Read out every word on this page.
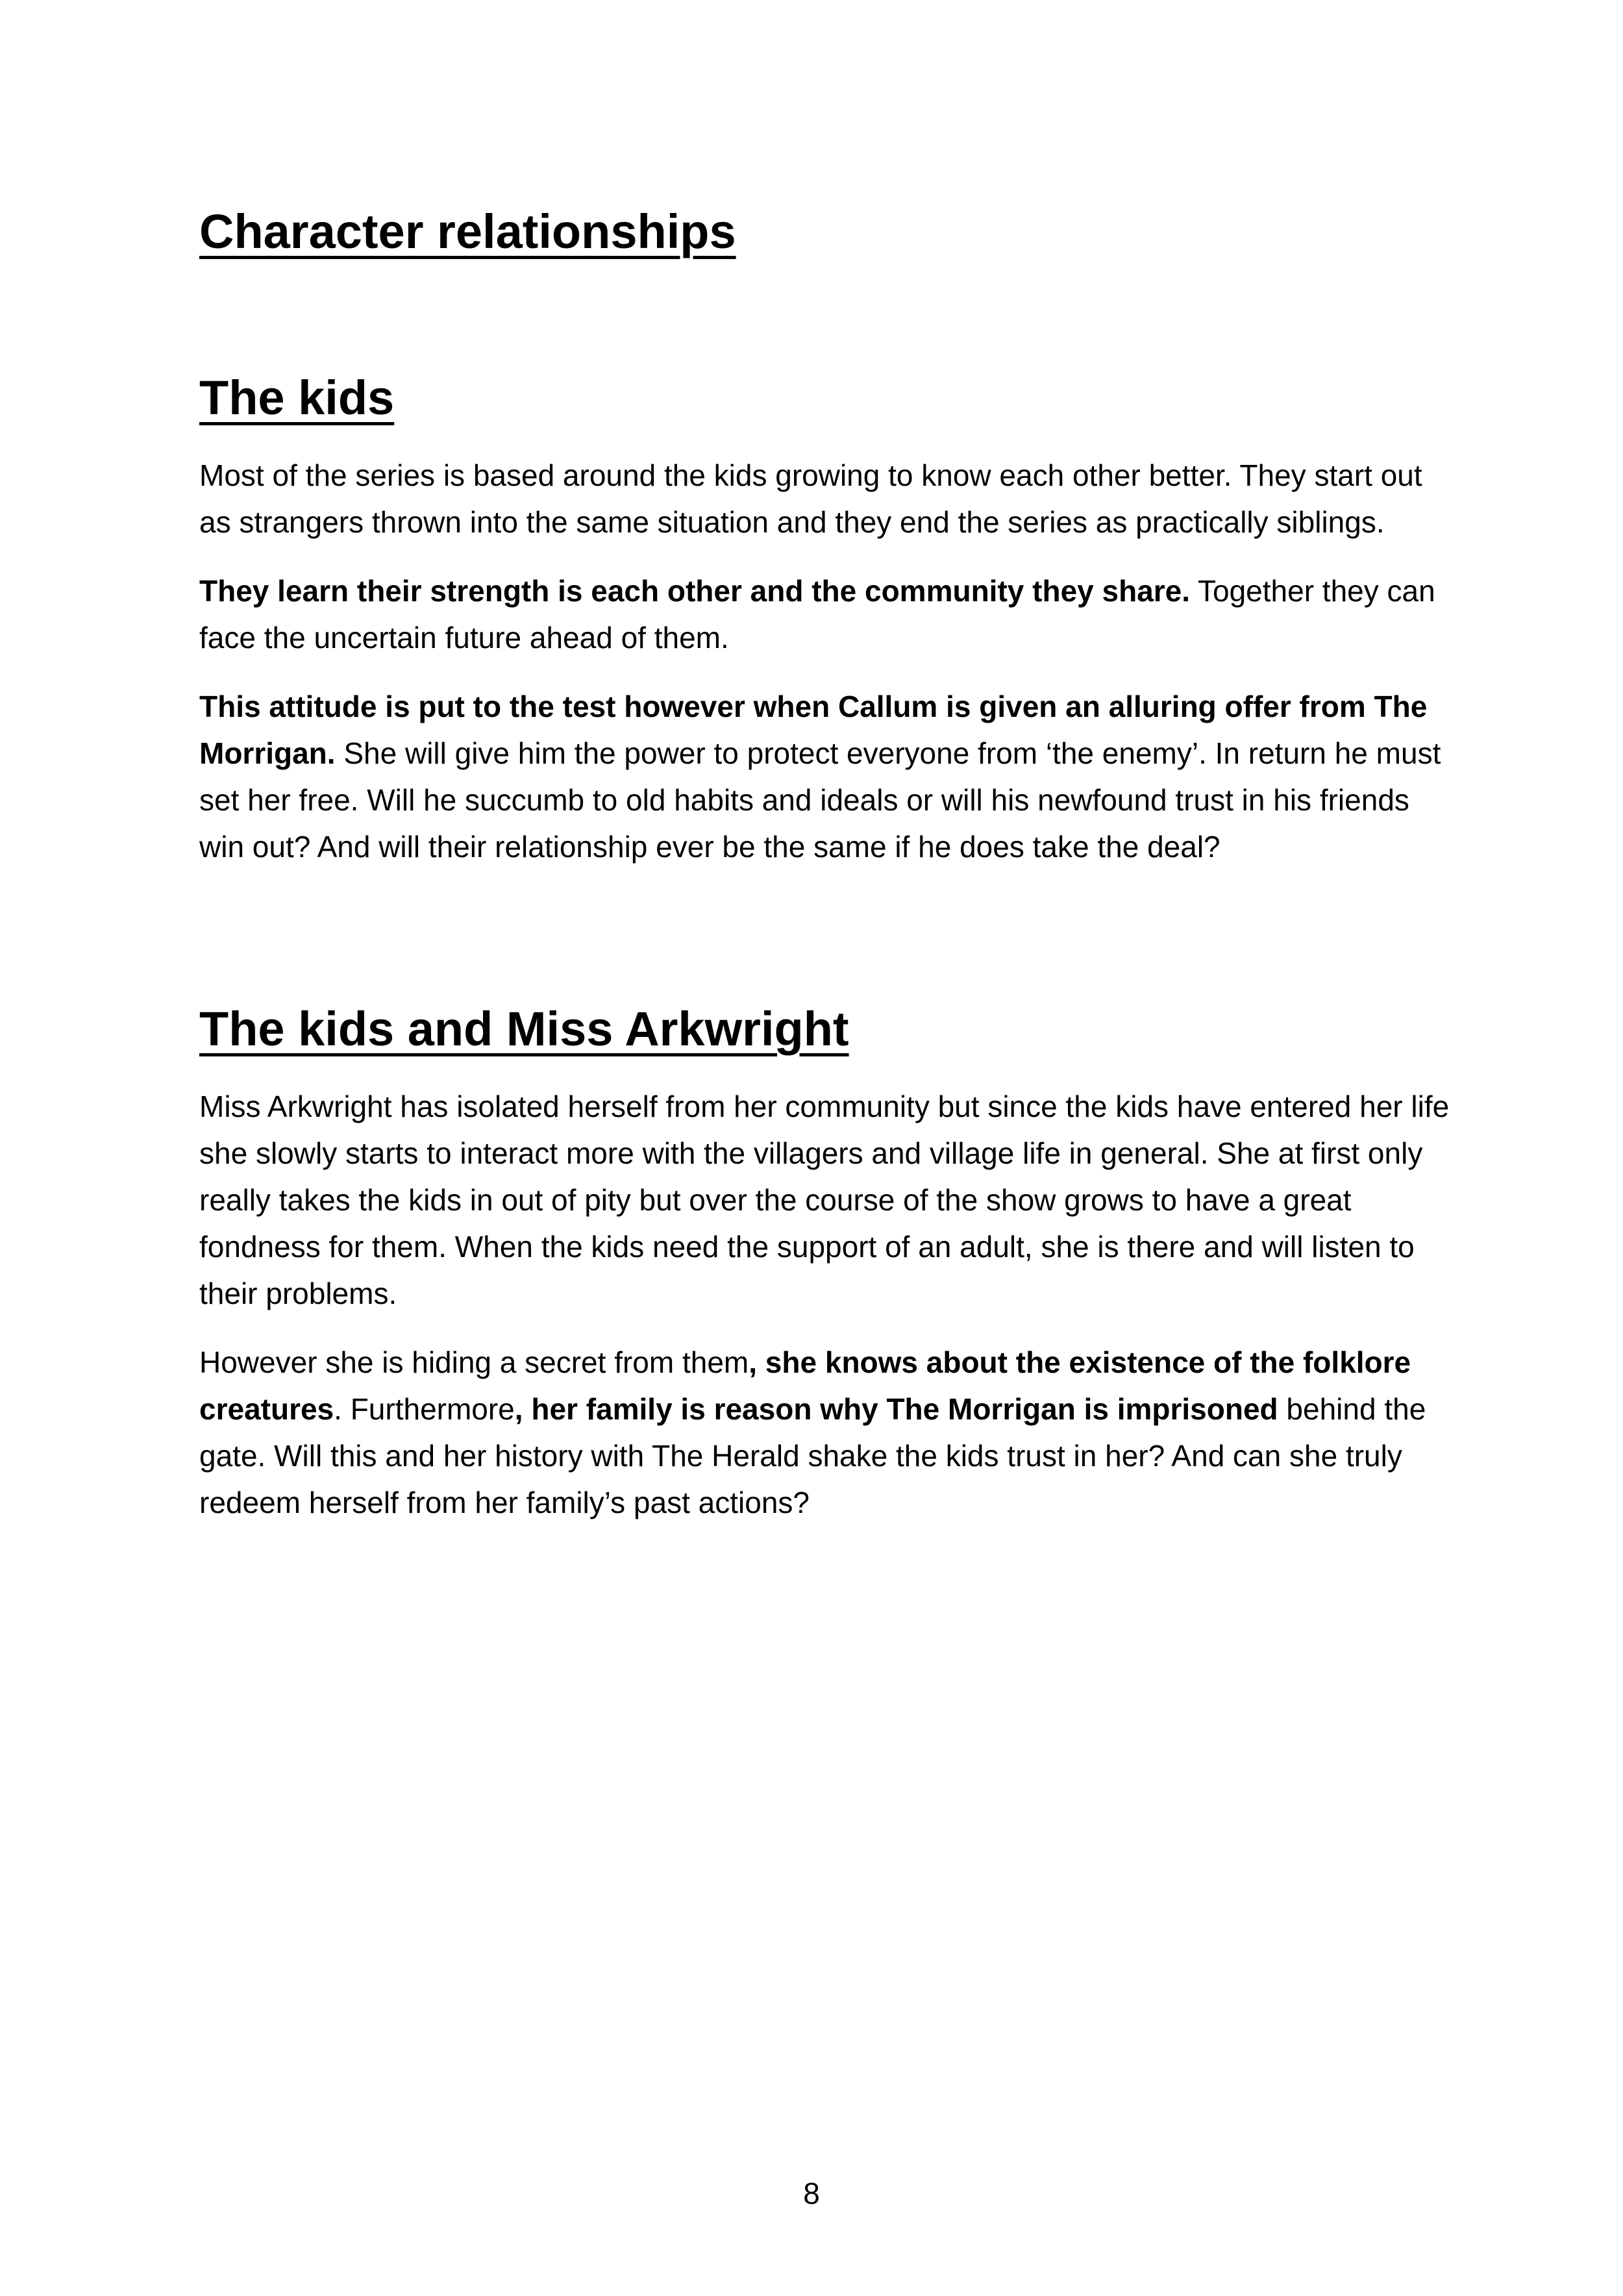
Character relationships
The kids

Most of the series is based around the kids growing to know each other better. They start out as strangers thrown into the same situation and they end the series as practically siblings.

They learn their strength is each other and the community they share. Together they can face the uncertain future ahead of them.

This attitude is put to the test however when Callum is given an alluring offer from The Morrigan. She will give him the power to protect everyone from ‘the enemy’. In return he must set her free. Will he succumb to old habits and ideals or will his newfound trust in his friends win out? And will their relationship ever be the same if he does take the deal?

The kids and Miss Arkwright

Miss Arkwright has isolated herself from her community but since the kids have entered her life she slowly starts to interact more with the villagers and village life in general. She at first only really takes the kids in out of pity but over the course of the show grows to have a great fondness for them. When the kids need the support of an adult, she is there and will listen to their problems.

However she is hiding a secret from them, she knows about the existence of the folklore creatures. Furthermore, her family is reason why The Morrigan is imprisoned behind the gate. Will this and her history with The Herald shake the kids trust in her? And can she truly redeem herself from her family’s past actions?

8
